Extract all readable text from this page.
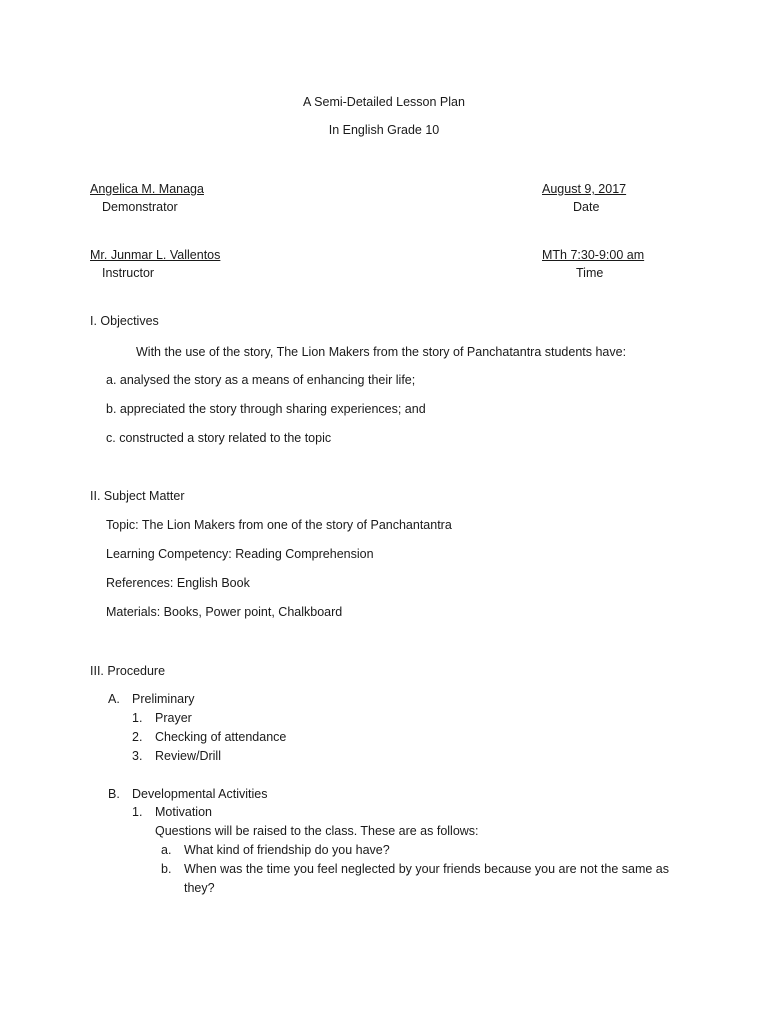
A Semi-Detailed Lesson Plan
In English Grade 10
Angelica M. Managa
Demonstrator
August 9, 2017
Date
Mr. Junmar L. Vallentos
Instructor
MTh 7:30-9:00 am
Time
I. Objectives
With the use of the story, The Lion Makers from the story of Panchatantra students have:
a. analysed the story as a means of enhancing their life;
b. appreciated the story through sharing experiences; and
c. constructed a story related to the topic
II. Subject Matter
Topic: The Lion Makers from one of the story of Panchantantra
Learning Competency: Reading Comprehension
References: English Book
Materials: Books, Power point, Chalkboard
III. Procedure
A. Preliminary
1. Prayer
2. Checking of attendance
3. Review/Drill
B. Developmental Activities
1. Motivation
Questions will be raised to the class. These are as follows:
a. What kind of friendship do you have?
b. When was the time you feel neglected by your friends because you are not the same as
they?
